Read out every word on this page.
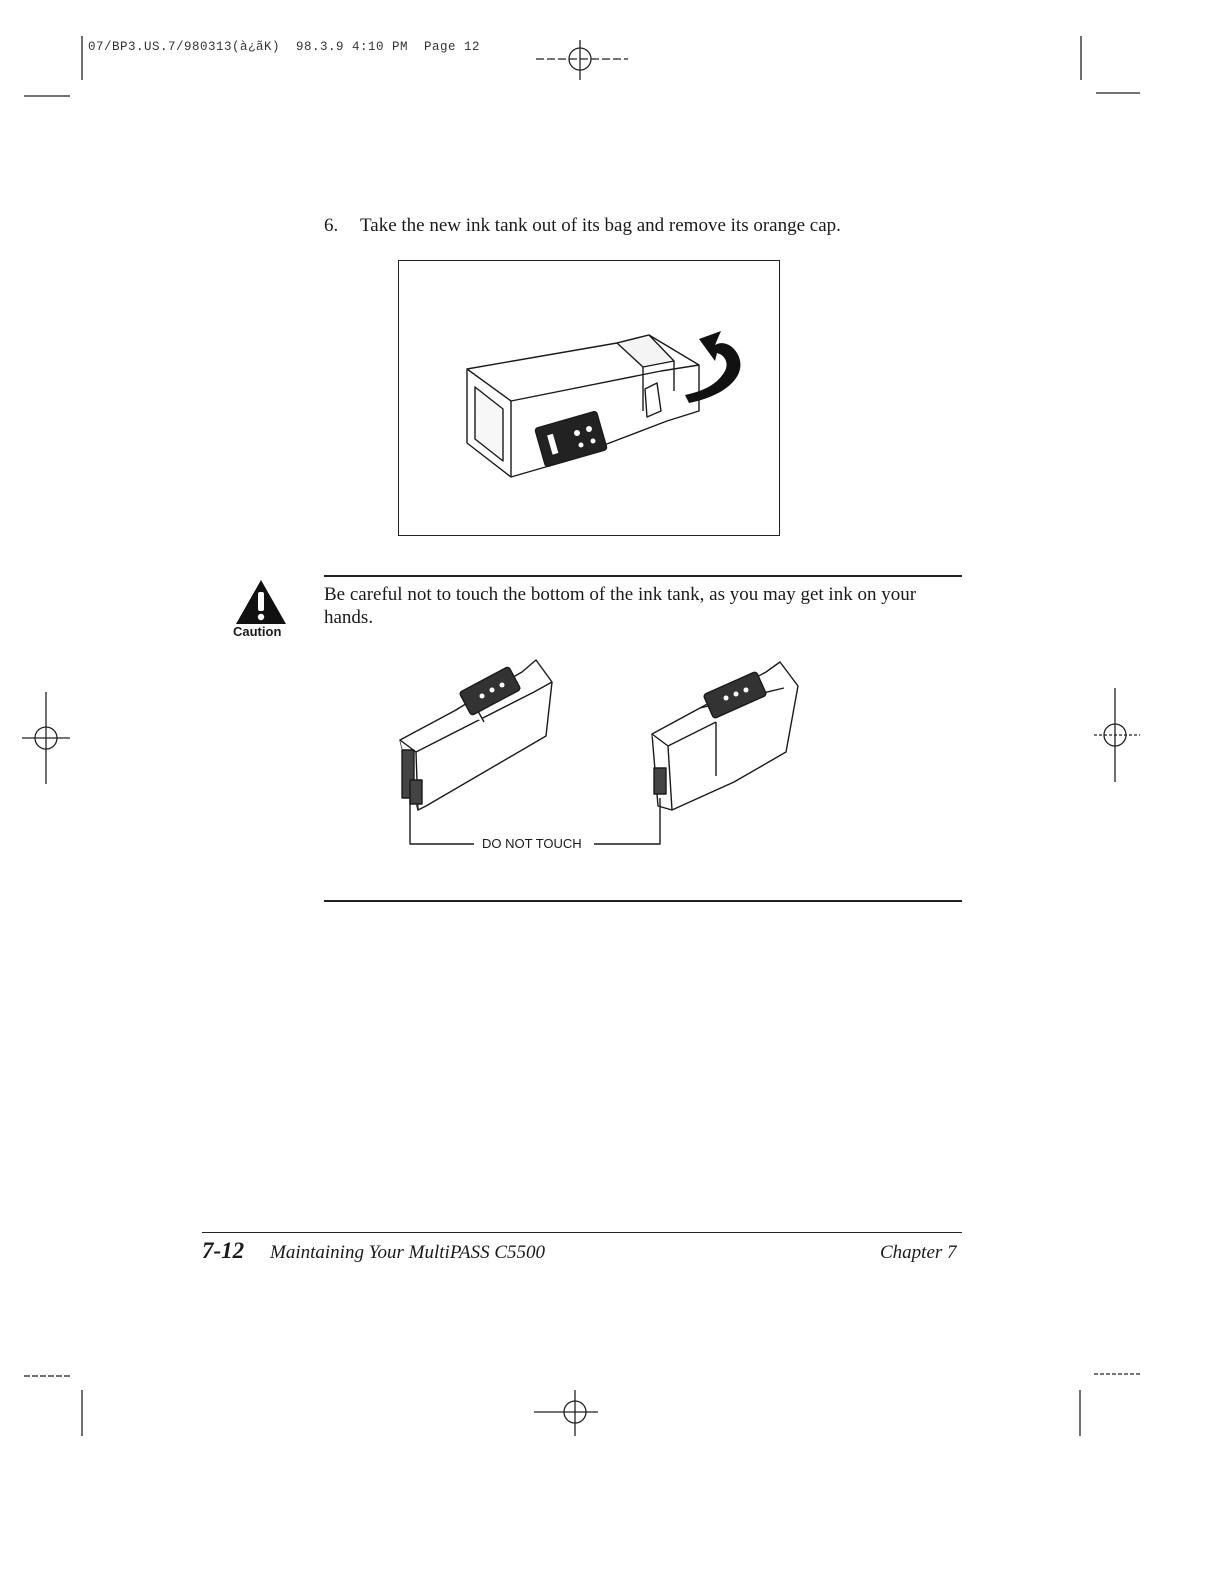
07/BP3.US.7/980313(à¿ãK)  98.3.9 4:10 PM  Page 12
6. Take the new ink tank out of its bag and remove its orange cap.
Caution
Be careful not to touch the bottom of the ink tank, as you may get ink on your hands.
DO NOT TOUCH
7-12 Maintaining Your MultiPASS C5500	Chapter 7
